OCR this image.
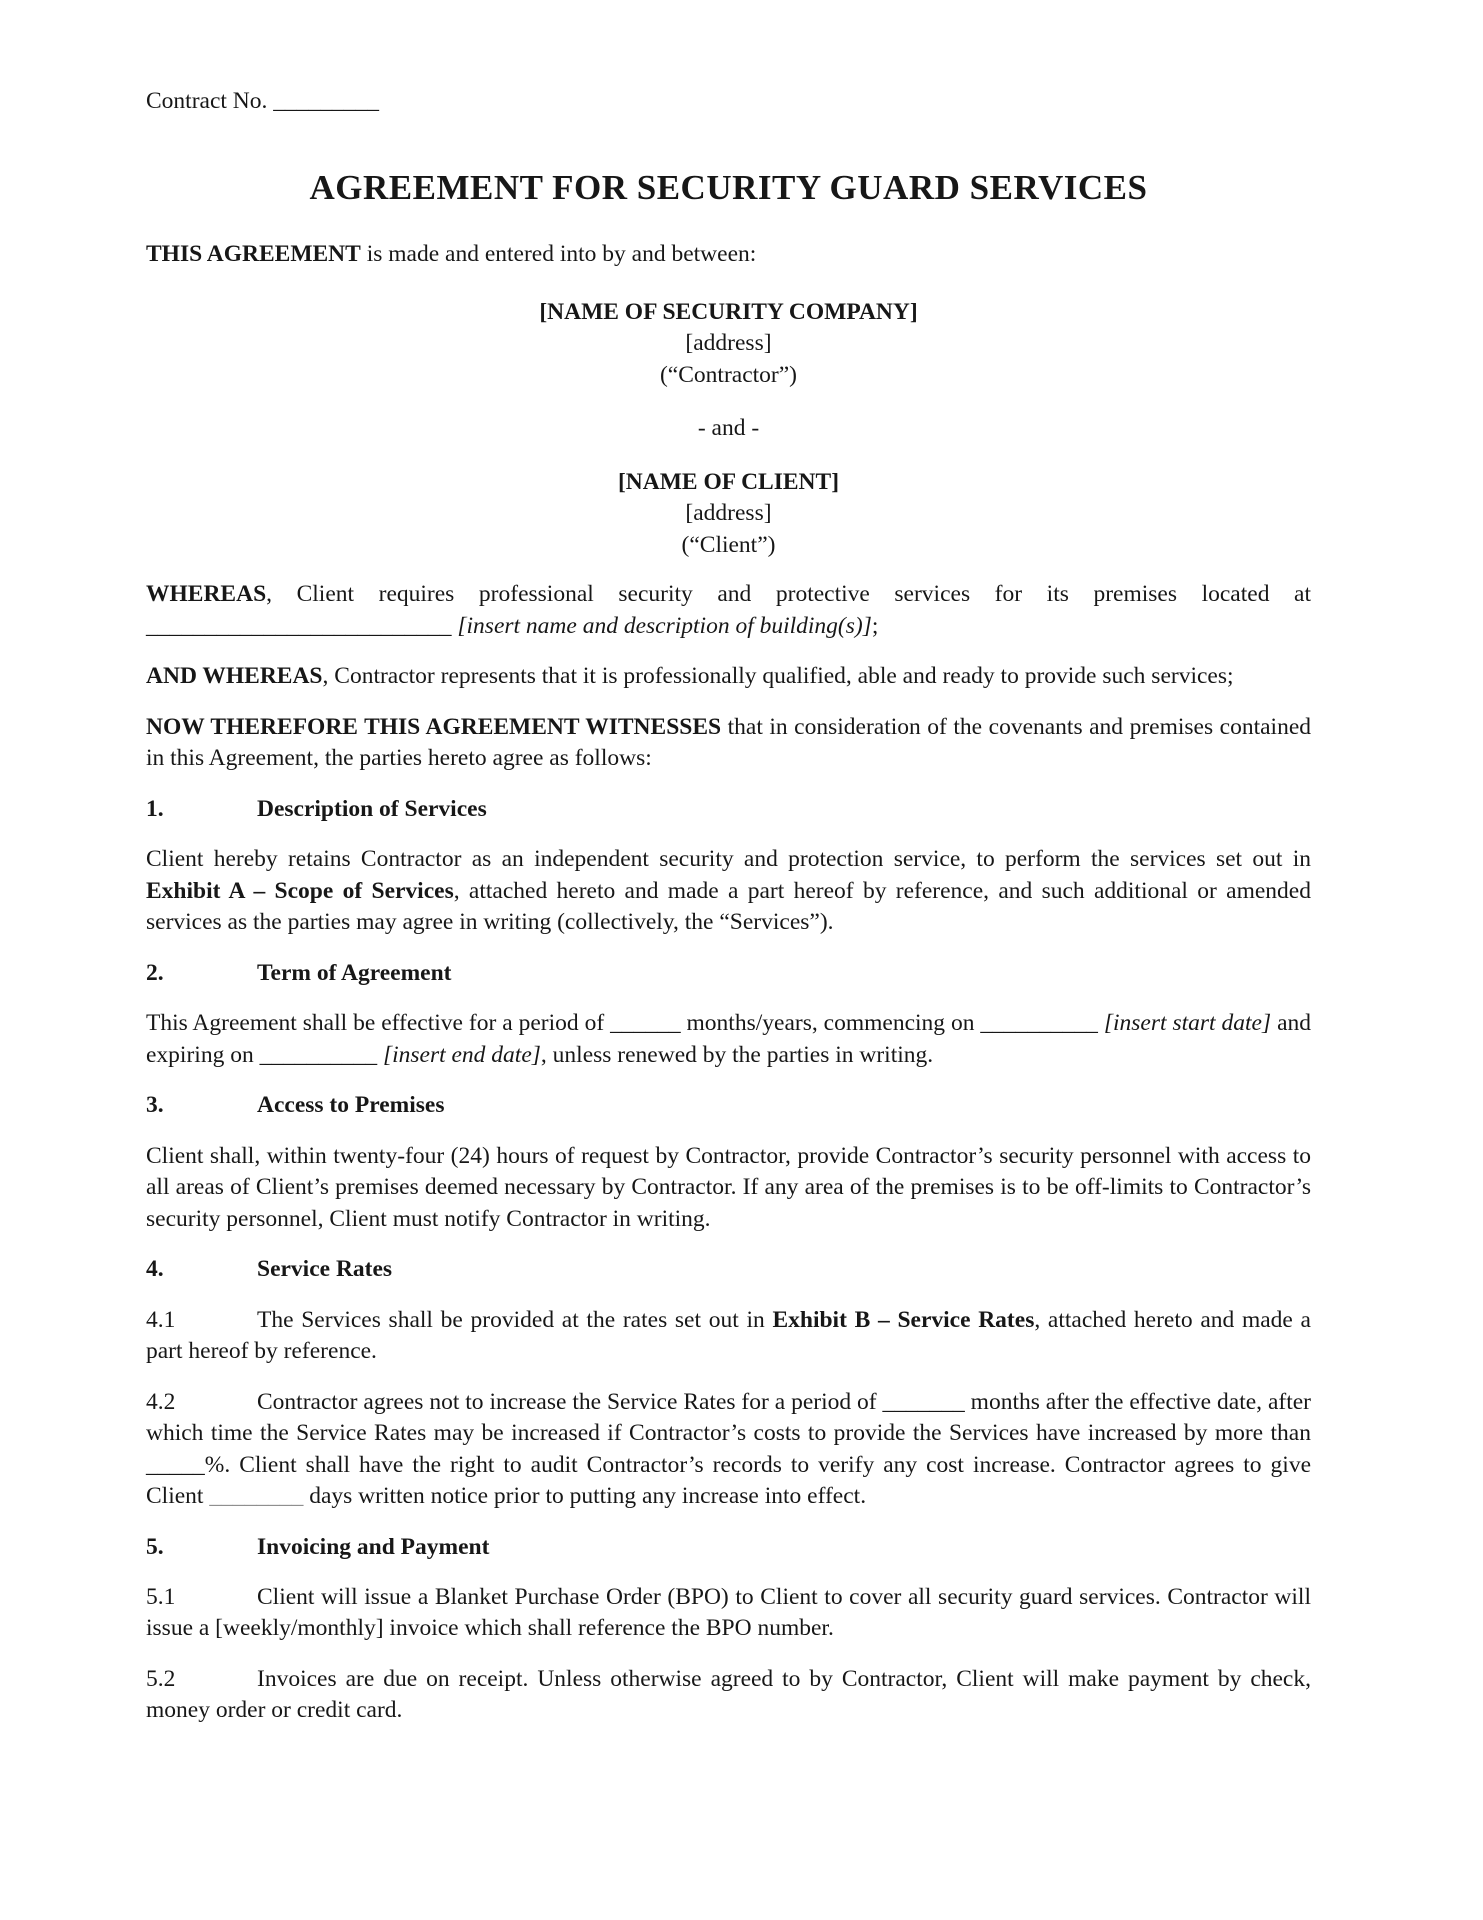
Contract No. _________

AGREEMENT FOR SECURITY GUARD SERVICES

THIS AGREEMENT is made and entered into by and between:

[NAME OF SECURITY COMPANY]

[address]

(“Contractor”)

- and -

[NAME OF CLIENT]

[address]

(“Client”)

WHEREAS, Client requires professional security and protective services for its premises located at __________________________ [insert name and description of building(s)];

AND WHEREAS, Contractor represents that it is professionally qualified, able and ready to provide such services;

NOW THEREFORE THIS AGREEMENT WITNESSES that in consideration of the covenants and premises contained in this Agreement, the parties hereto agree as follows:

1.	Description of Services

Client hereby retains Contractor as an independent security and protection service, to perform the services set out in Exhibit A – Scope of Services, attached hereto and made a part hereof by reference, and such additional or amended services as the parties may agree in writing (collectively, the “Services”).

2.	Term of Agreement

This Agreement shall be effective for a period of ______ months/years, commencing on __________ [insert start date] and expiring on __________ [insert end date], unless renewed by the parties in writing.

3.	Access to Premises

Client shall, within twenty-four (24) hours of request by Contractor, provide Contractor’s security personnel with access to all areas of Client’s premises deemed necessary by Contractor. If any area of the premises is to be off-limits to Contractor’s security personnel, Client must notify Contractor in writing.

4.	Service Rates

4.1	The Services shall be provided at the rates set out in Exhibit B – Service Rates, attached hereto and made a part hereof by reference.

4.2	Contractor agrees not to increase the Service Rates for a period of _______ months after the effective date, after which time the Service Rates may be increased if Contractor’s costs to provide the Services have increased by more than _____%. Client shall have the right to audit Contractor’s records to verify any cost increase. Contractor agrees to give Client ________ days written notice prior to putting any increase into effect.

5.	Invoicing and Payment

5.1	Client will issue a Blanket Purchase Order (BPO) to Client to cover all security guard services. Contractor will issue a [weekly/monthly] invoice which shall reference the BPO number.

5.2	Invoices are due on receipt. Unless otherwise agreed to by Contractor, Client will make payment by check, money order or credit card.
